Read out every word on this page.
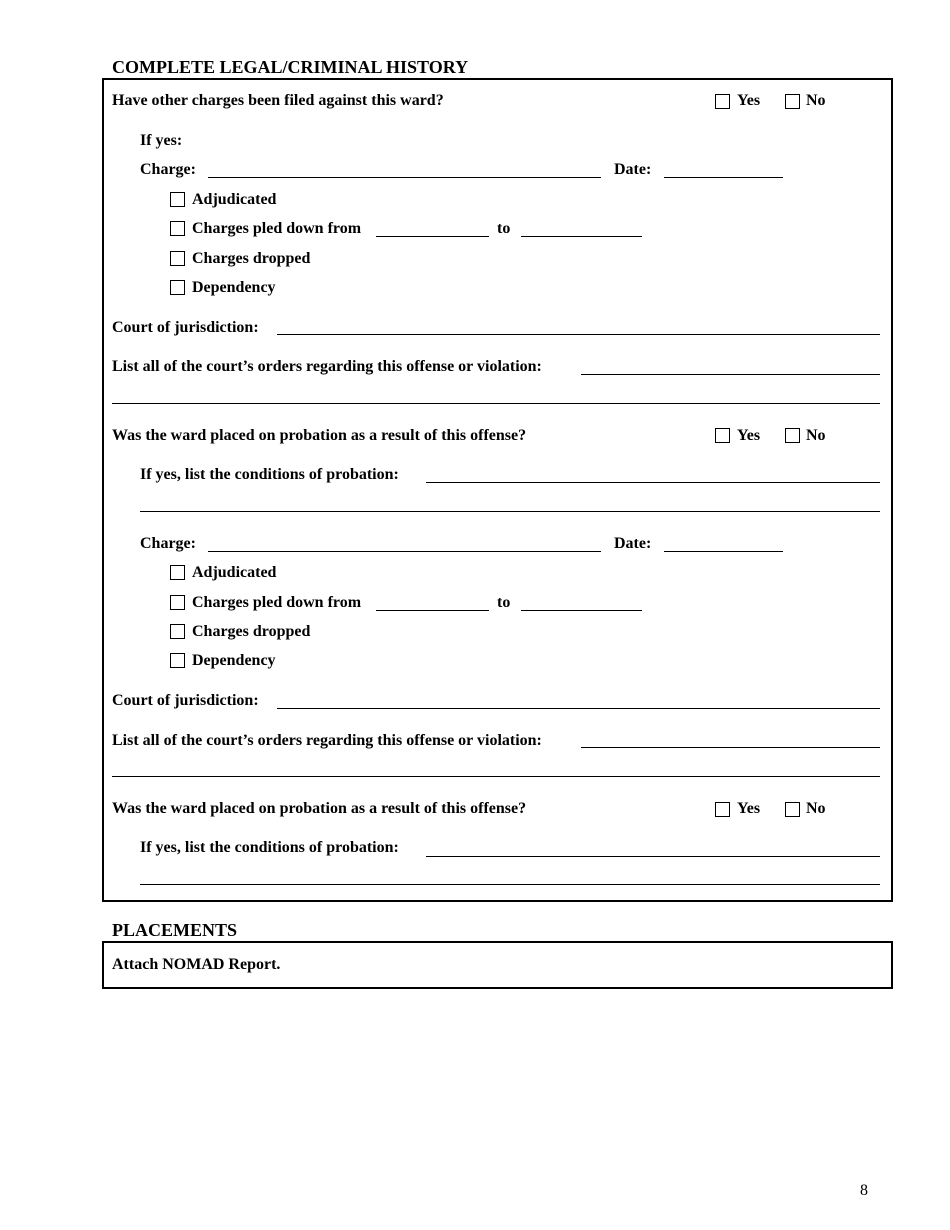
COMPLETE LEGAL/CRIMINAL HISTORY
Have other charges been filed against this ward?	Yes	No
If yes:
Charge:	Date:
Adjudicated
Charges pled down from	to
Charges dropped
Dependency
Court of jurisdiction:
List all of the court’s orders regarding this offense or violation:
Was the ward placed on probation as a result of this offense?	Yes	No
If yes, list the conditions of probation:
Charge:	Date:
Adjudicated
Charges pled down from	to
Charges dropped
Dependency
Court of jurisdiction:
List all of the court’s orders regarding this offense or violation:
Was the ward placed on probation as a result of this offense?	Yes	No
If yes, list the conditions of probation:
PLACEMENTS
Attach NOMAD Report.
8
